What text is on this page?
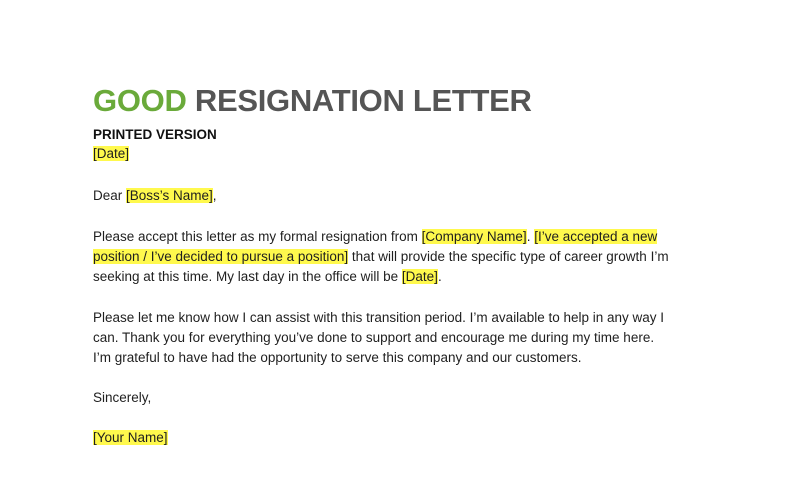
GOOD RESIGNATION LETTER
PRINTED VERSION
[Date]
Dear [Boss’s Name],
Please accept this letter as my formal resignation from [Company Name]. [I’ve accepted a new
position / I’ve decided to pursue a position] that will provide the specific type of career growth I’m
seeking at this time. My last day in the office will be [Date].
Please let me know how I can assist with this transition period. I’m available to help in any way I
can. Thank you for everything you’ve done to support and encourage me during my time here.
I’m grateful to have had the opportunity to serve this company and our customers.
Sincerely,
[Your Name]
